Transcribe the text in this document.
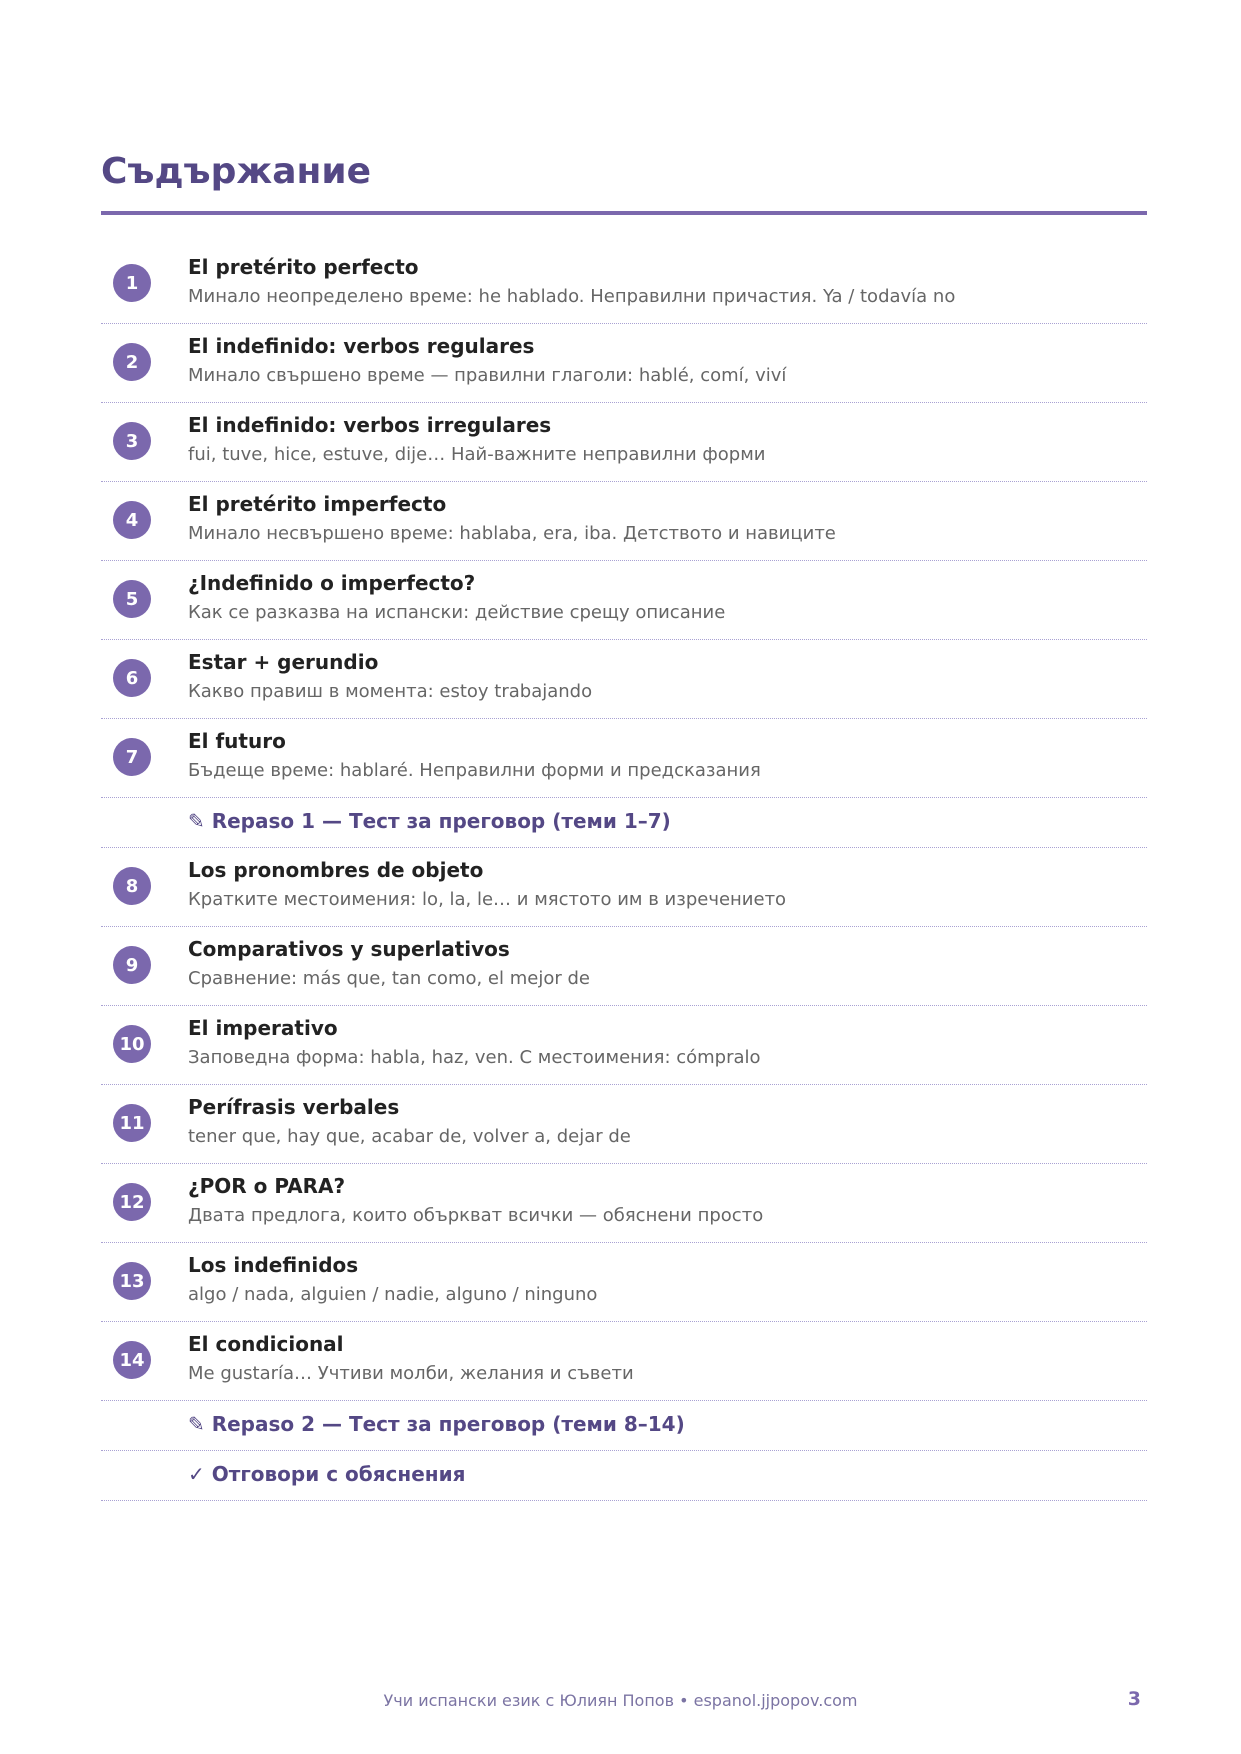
Съдържание
1
El pretérito perfecto
Минало неопределено време: he hablado. Неправилни причастия. Ya / todavía no
2
El indefinido: verbos regulares
Минало свършено време — правилни глаголи: hablé, comí, viví
3
El indefinido: verbos irregulares
fui, tuve, hice, estuve, dije… Най-важните неправилни форми
4
El pretérito imperfecto
Минало несвършено време: hablaba, era, iba. Детството и навиците
5
¿Indefinido o imperfecto?
Как се разказва на испански: действие срещу описание
6
Estar + gerundio
Какво правиш в момента: estoy trabajando
7
El futuro
Бъдеще време: hablaré. Неправилни форми и предсказания
✎ Repaso 1 — Тест за преговор (теми 1–7)
8
Los pronombres de objeto
Кратките местоимения: lo, la, le… и мястото им в изречението
9
Comparativos y superlativos
Сравнение: más que, tan como, el mejor de
10
El imperativo
Заповедна форма: habla, haz, ven. С местоимения: cómpralo
11
Perífrasis verbales
tener que, hay que, acabar de, volver a, dejar de
12
¿POR o PARA?
Двата предлога, които объркват всички — обяснени просто
13
Los indefinidos
algo / nada, alguien / nadie, alguno / ninguno
14
El condicional
Me gustaría… Учтиви молби, желания и съвети
✎ Repaso 2 — Тест за преговор (теми 8–14)
✓ Отговори с обяснения
Учи испански език с Юлиян Попов • espanol.jjpopov.com	3
